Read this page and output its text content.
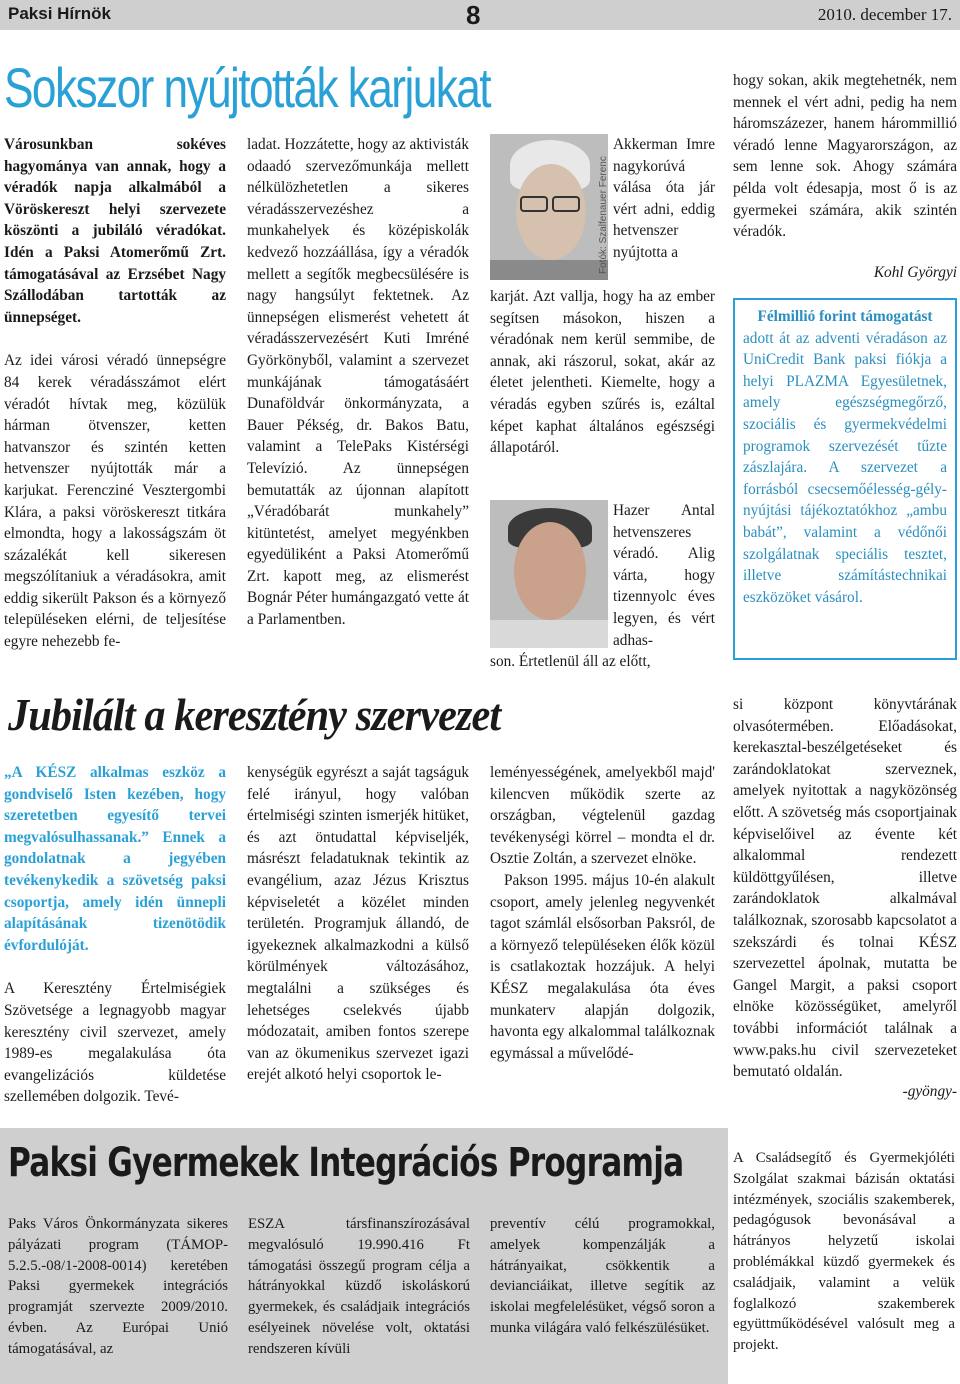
Paksi Hírnök	8	2010. december 17.
Sokszor nyújtották karjukat

Városunkban sokéves hagyománya van annak, hogy a véradók napja alkalmából a Vöröskereszt helyi szervezete köszönti a jubiláló véradókat. Idén a Paksi Atomerőmű Zrt. támogatásával az Erzsébet Nagy Szállodában tartották az ünnepséget.

Az idei városi véradó ünnepségre 84 kerek véradásszámot elért véradót hívtak meg, közülük hárman ötvenszer, ketten hatvanszor és szintén ketten hetvenszer nyújtották már a karjukat. Ferencziné Vesztergombi Klára, a paksi vöröskereszt titkára elmondta, hogy a lakosságszám öt százalékát kell sikeresen megszólítaniuk a véradásokra, amit eddig sikerült Pakson és a környező településeken elérni, de teljesítése egyre nehezebb fe-

ladat. Hozzátette, hogy az aktivisták odaadó szervezőmunkája mellett nélkülözhetetlen a sikeres véradásszervezéshez a munkahelyek és középiskolák kedvező hozzáállása, így a véradók mellett a segítők megbecsülésére is nagy hangsúlyt fektetnek. Az ünnepségen elismerést vehetett át véradásszervezésért Kuti Imréné Györkönyből, valamint a szervezet munkájának támogatásáért Dunaföldvár önkormányzata, a Bauer Pékség, dr. Bakos Batu, valamint a TelePaks Kistérségi Televízió. Az ünnepségen bemutatták az újonnan alapított „Véradóbarát munkahely” kitüntetést, amelyet megyénkben egyedüliként a Paksi Atomerőmű Zrt. kapott meg, az elismerést Bognár Péter humángazgató vette át a Parlamentben.

Fotók: Szalfenauer Ferenc

Akkerman Imre nagykorúvá válása óta jár vért adni, eddig hetvenszer nyújtotta a

karját. Azt vallja, hogy ha az ember segítsen másokon, hiszen a véradónak nem kerül semmibe, de annak, aki rászorul, sokat, akár az életet jelentheti. Kiemelte, hogy a véradás egyben szűrés is, ezáltal képet kaphat általános egészségi állapotáról.

Hazer Antal hetvenszeres véradó. Alig várta, hogy tizennyolc éves legyen, és vért adhas-

son. Értetlenül áll az előtt,

hogy sokan, akik megtehetnék, nem mennek el vért adni, pedig ha nem háromszázezer, hanem hárommillió véradó lenne Magyarországon, az sem lenne sok. Ahogy számára példa volt édesapja, most ő is az gyermekei számára, akik szintén véradók.

Kohl Györgyi
Félmillió forint támogatást
adott át az adventi véradáson az UniCredit Bank paksi fiókja a helyi PLAZMA Egyesületnek, amely egészségmegőrző, szociális és gyermekvédelmi programok szervezését tűzte zászlajára. A szervezet a forrásból csecsemőélesség-gély-nyújtási tájékoztatókhoz „ambu babát”, valamint a védőnői szolgálatnak speciális tesztet, illetve számítástechnikai eszközöket vásárol.
Jubilált a keresztény szervezet

„A KÉSZ alkalmas eszköz a gondviselő Isten kezében, hogy szeretetben egyesítő tervei megvalósulhassanak.” Ennek a gondolatnak a jegyében tevékenykedik a szövetség paksi csoportja, amely idén ünnepli alapításának tizenötödik évfordulóját.

A Keresztény Értelmiségiek Szövetsége a legnagyobb magyar keresztény civil szervezet, amely 1989-es megalakulása óta evangelizációs küldetése szellemében dolgozik. Tevé-

kenységük egyrészt a saját tagságuk felé irányul, hogy valóban értelmiségi szinten ismerjék hitüket, és azt öntudattal képviseljék, másrészt feladatuknak tekintik az evangélium, azaz Jézus Krisztus képviseletét a közélet minden területén. Programjuk állandó, de igyekeznek alkalmazkodni a külső körülmények változásához, megtalálni a szükséges és lehetséges cselekvés újabb módozatait, amiben fontos szerepe van az ökumenikus szervezet igazi erejét alkotó helyi csoportok le-

leményességének, amelyekből majd' kilencven működik szerte az országban, végtelenül gazdag tevékenységi körrel – mondta el dr. Osztie Zoltán, a szervezet elnöke.

Pakson 1995. május 10-én alakult csoport, amely jelenleg negyvenkét tagot számlál elsősorban Paksról, de a környező településeken élők közül is csatlakoztak hozzájuk. A helyi KÉSZ megalakulása óta éves munkaterv alapján dolgozik, havonta egy alkalommal találkoznak egymással a művelődé-

si központ könyvtárának olvasótermében. Előadásokat, kerekasztal-beszélgetéseket és zarándoklatokat szerveznek, amelyek nyitottak a nagyközönség előtt. A szövetség más csoportjainak képviselőivel az évente két alkalommal rendezett küldöttgyűlésen, illetve zarándoklatok alkalmával találkoznak, szorosabb kapcsolatot a szekszárdi és tolnai KÉSZ szervezettel ápolnak, mutatta be Gangel Margit, a paksi csoport elnöke közösségüket, amelyről további információt találnak a www.paks.hu civil szervezeteket bemutató oldalán.

-gyöngy-
Paksi Gyermekek Integrációs Programja

Paks Város Önkormányzata sikeres pályázati program (TÁMOP-5.2.5.-08/1-2008-0014) keretében Paksi gyermekek integrációs programját szervezte 2009/2010. évben. Az Európai Unió támogatásával, az

ESZA társfinanszírozásával megvalósuló 19.990.416 Ft támogatási összegű program célja a hátrányokkal küzdő iskoláskorú gyermekek, és családjaik integrációs esélyeinek növelése volt, oktatási rendszeren kívüli

preventív célú programokkal, amelyek kompenzálják a hátrányaikat, csökkentik a devianciáikat, illetve segítik az iskolai megfelelésüket, végső soron a munka világára való felkészülésüket.

A Családsegítő és Gyermekjóléti Szolgálat szakmai bázisán oktatási intézmények, szociális szakemberek, pedagógusok bevonásával a hátrányos helyzetű iskolai problémákkal küzdő gyermekek és családjaik, valamint a velük foglalkozó szakemberek együttműködésével valósult meg a projekt.
